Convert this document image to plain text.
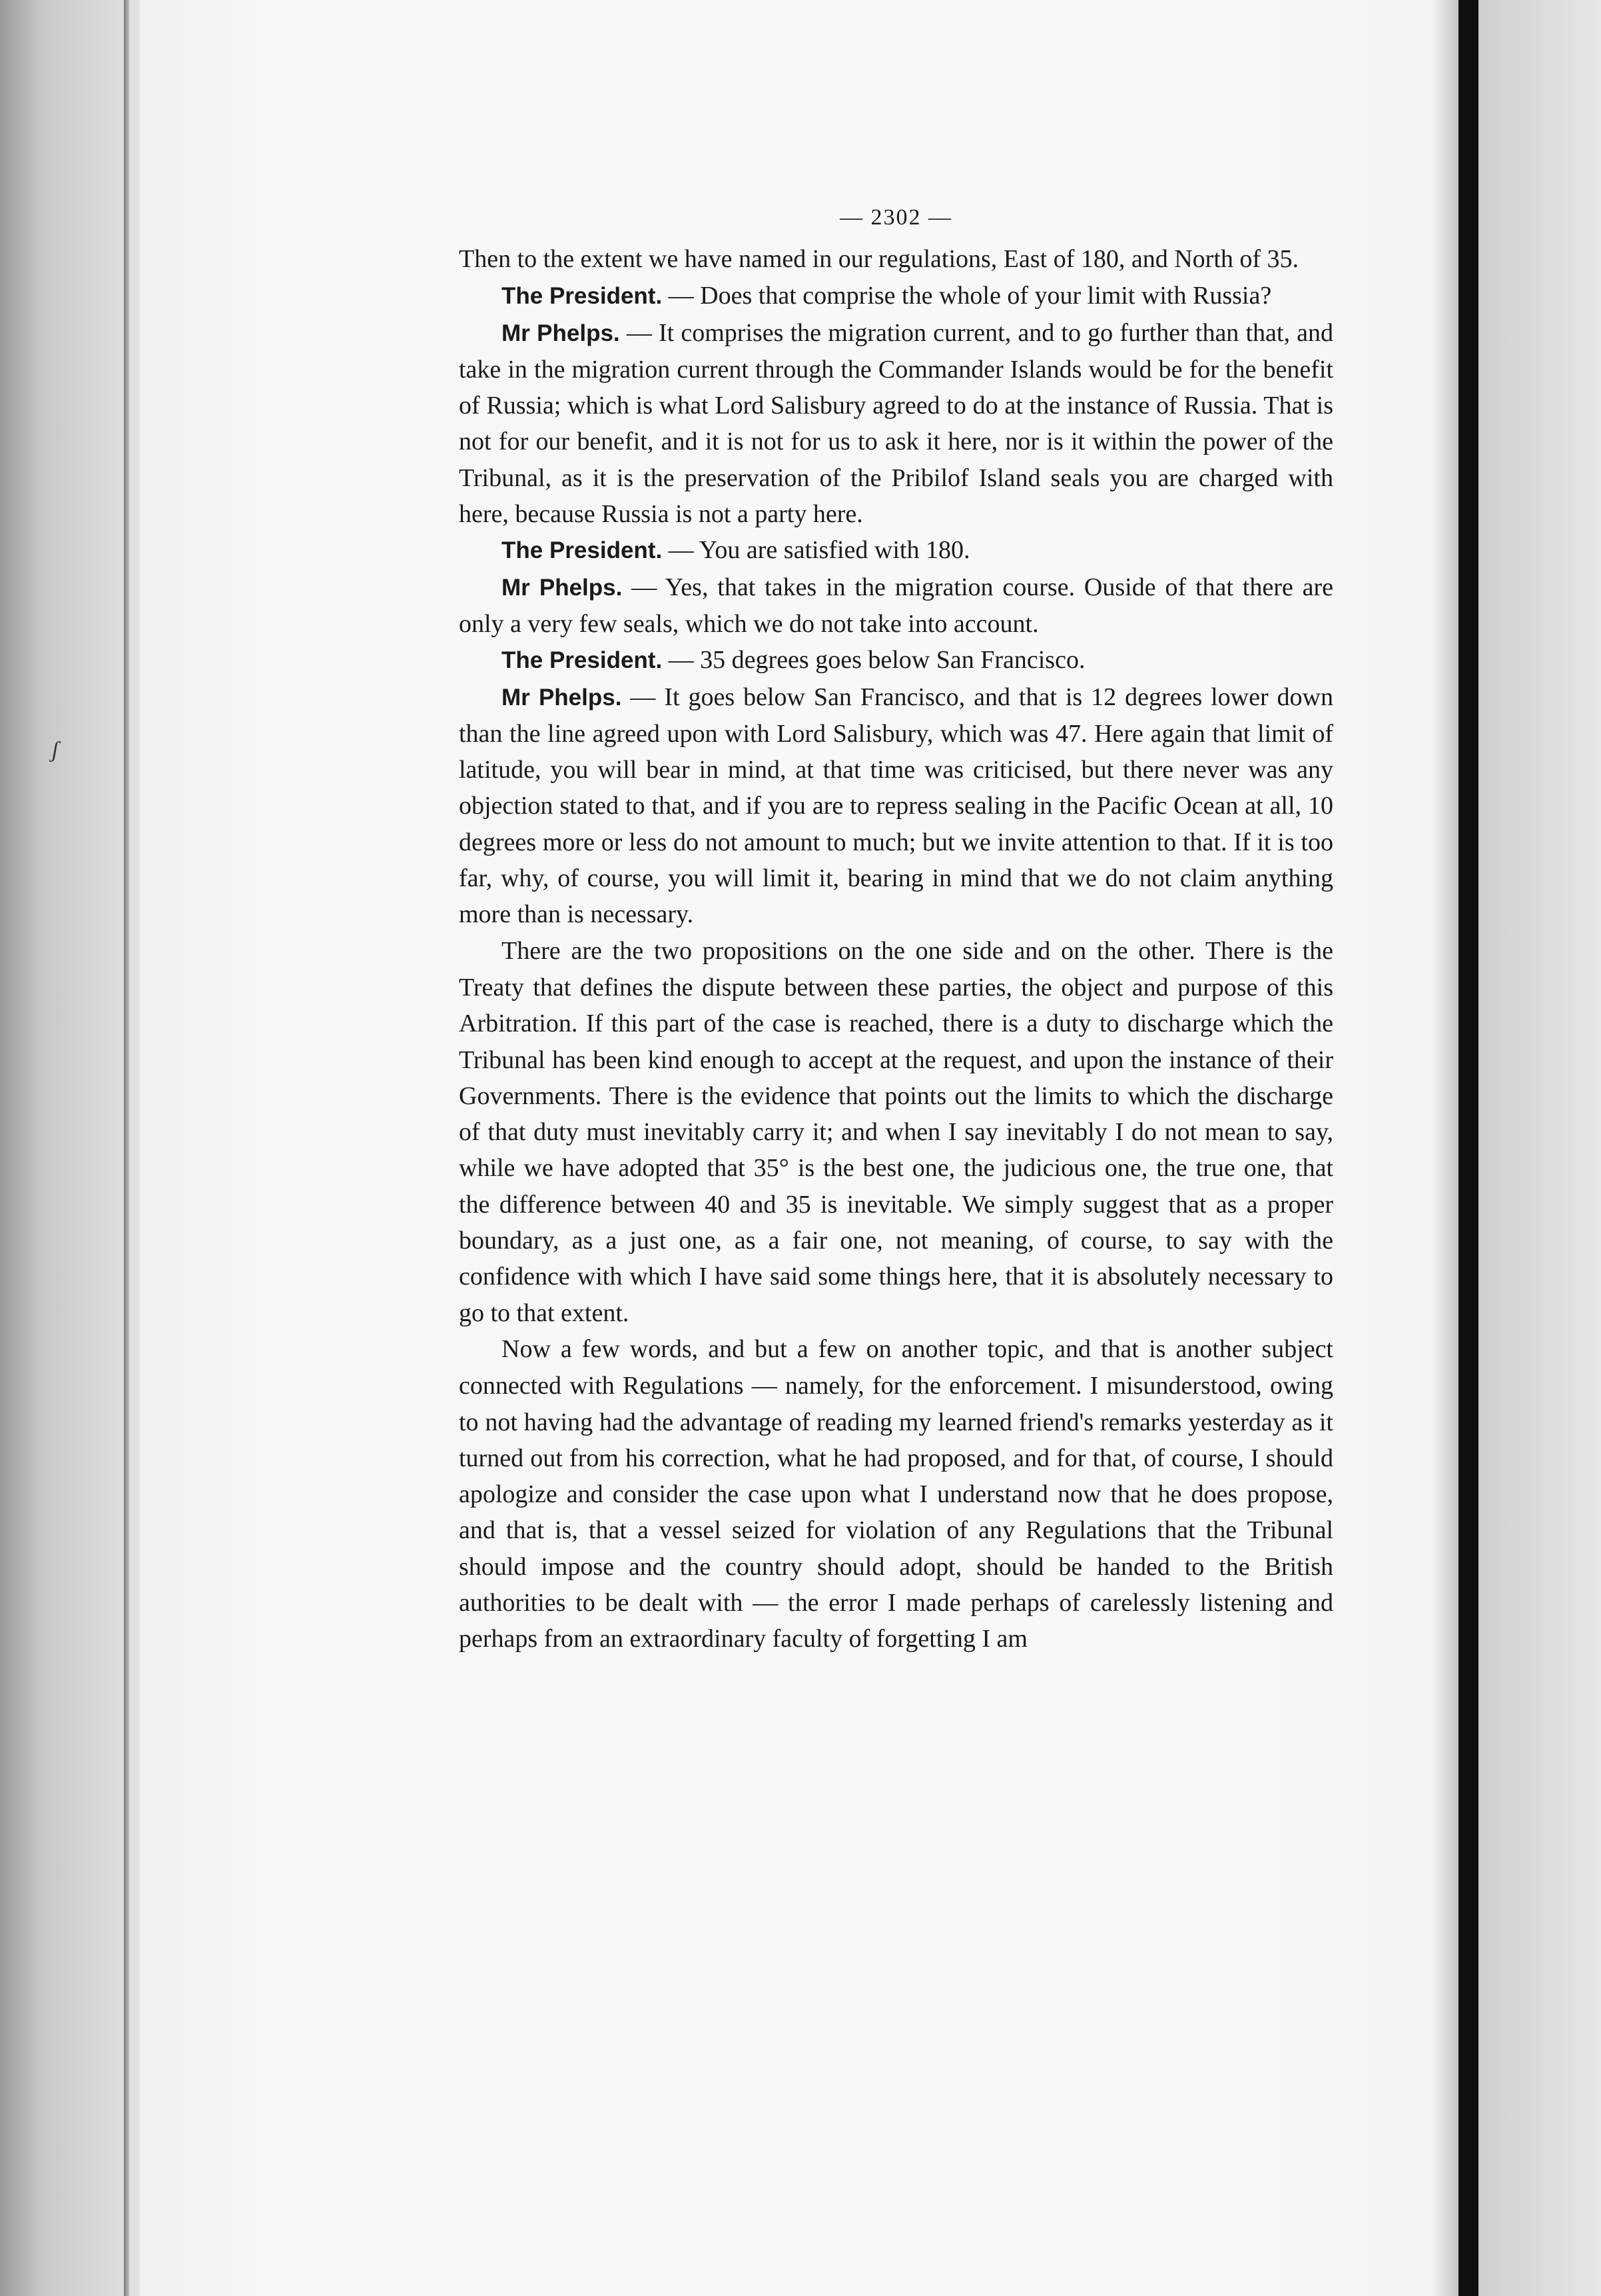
ʃ
— 2302 —

Then to the extent we have named in our regulations, East of 180, and North of 35.

The President. — Does that comprise the whole of your limit with Russia?

Mr Phelps. — It comprises the migration current, and to go further than that, and take in the migration current through the Commander Islands would be for the benefit of Russia; which is what Lord Salisbury agreed to do at the instance of Russia. That is not for our benefit, and it is not for us to ask it here, nor is it within the power of the Tribunal, as it is the preservation of the Pribilof Island seals you are charged with here, because Russia is not a party here.

The President. — You are satisfied with 180.

Mr Phelps. — Yes, that takes in the migration course. Ouside of that there are only a very few seals, which we do not take into account.

The President. — 35 degrees goes below San Francisco.

Mr Phelps. — It goes below San Francisco, and that is 12 degrees lower down than the line agreed upon with Lord Salisbury, which was 47. Here again that limit of latitude, you will bear in mind, at that time was criticised, but there never was any objection stated to that, and if you are to repress sealing in the Pacific Ocean at all, 10 degrees more or less do not amount to much; but we invite attention to that. If it is too far, why, of course, you will limit it, bearing in mind that we do not claim anything more than is necessary.

There are the two propositions on the one side and on the other. There is the Treaty that defines the dispute between these parties, the object and purpose of this Arbitration. If this part of the case is reached, there is a duty to discharge which the Tribunal has been kind enough to accept at the request, and upon the instance of their Governments. There is the evidence that points out the limits to which the discharge of that duty must inevitably carry it; and when I say inevitably I do not mean to say, while we have adopted that 35° is the best one, the judicious one, the true one, that the difference between 40 and 35 is inevitable. We simply suggest that as a proper boundary, as a just one, as a fair one, not meaning, of course, to say with the confidence with which I have said some things here, that it is absolutely necessary to go to that extent.

Now a few words, and but a few on another topic, and that is another subject connected with Regulations — namely, for the enforcement. I misunderstood, owing to not having had the advantage of reading my learned friend's remarks yesterday as it turned out from his correction, what he had proposed, and for that, of course, I should apologize and consider the case upon what I understand now that he does propose, and that is, that a vessel seized for violation of any Regulations that the Tribunal should impose and the country should adopt, should be handed to the British authorities to be dealt with — the error I made perhaps of carelessly listening and perhaps from an extraordinary faculty of forgetting I am
